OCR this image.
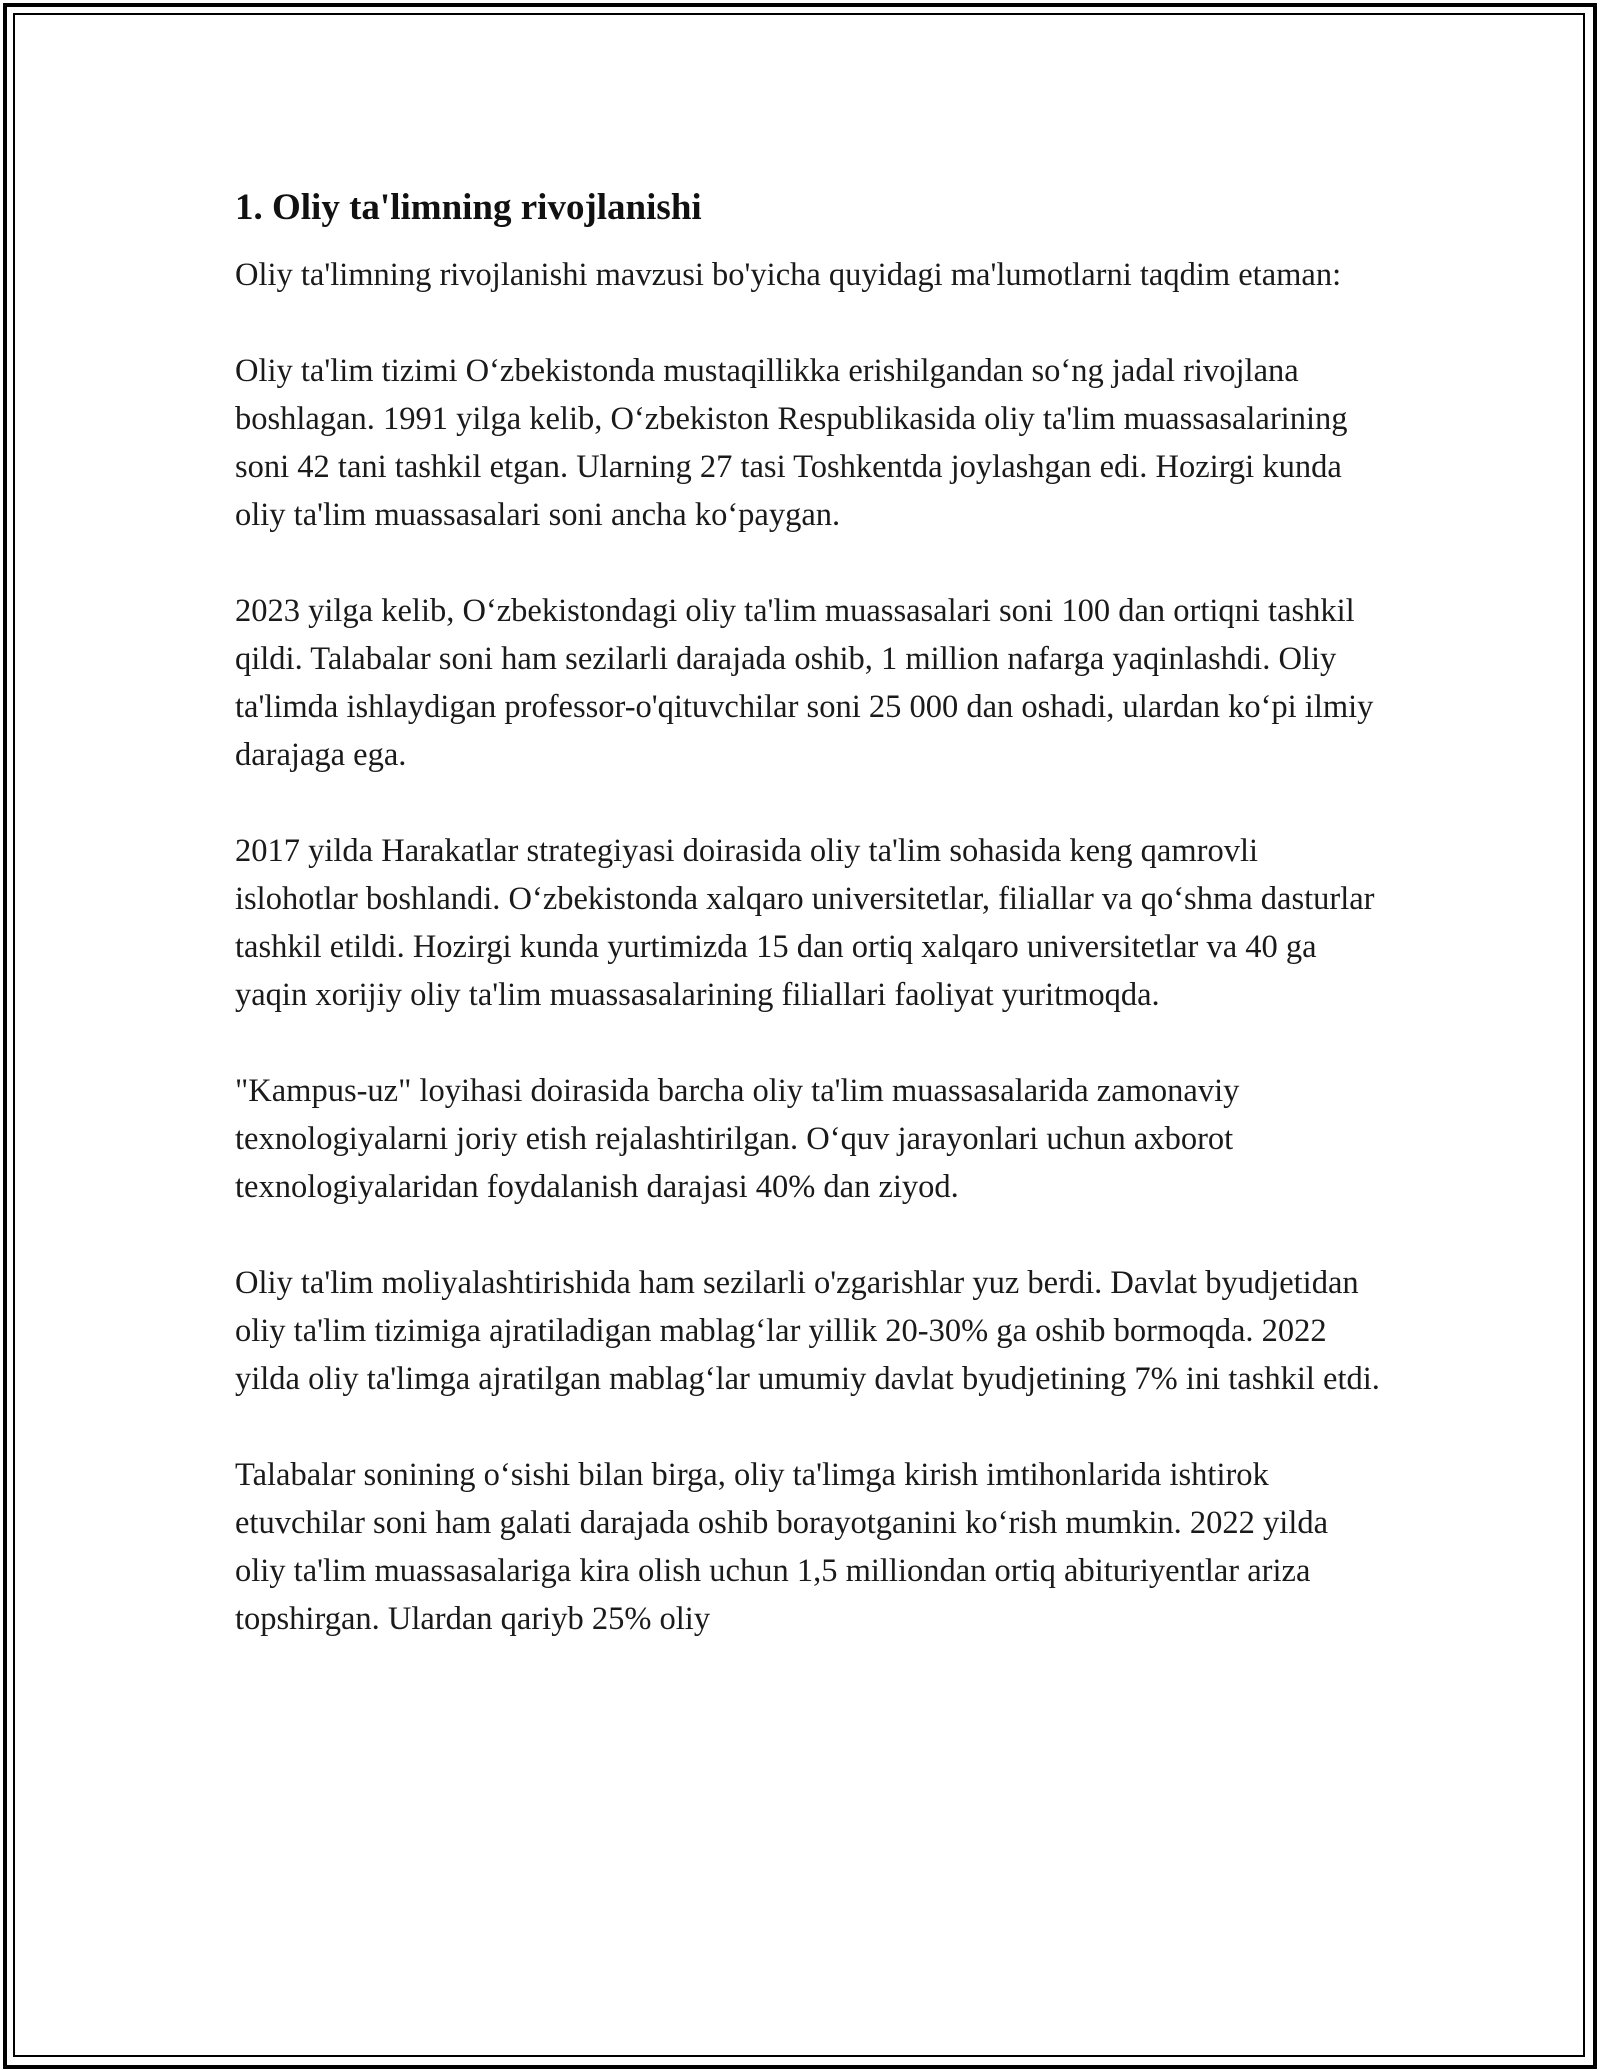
1. Oliy ta'limning rivojlanishi

Oliy ta'limning rivojlanishi mavzusi bo'yicha quyidagi ma'lumotlarni taqdim etaman:

Oliy ta'lim tizimi O‘zbekistonda mustaqillikka erishilgandan so‘ng jadal rivojlana boshlagan. 1991 yilga kelib, O‘zbekiston Respublikasida oliy ta'lim muassasalarining soni 42 tani tashkil etgan. Ularning 27 tasi Toshkentda joylashgan edi. Hozirgi kunda oliy ta'lim muassasalari soni ancha ko‘paygan.

2023 yilga kelib, O‘zbekistondagi oliy ta'lim muassasalari soni 100 dan ortiqni tashkil qildi. Talabalar soni ham sezilarli darajada oshib, 1 million nafarga yaqinlashdi. Oliy ta'limda ishlaydigan professor-o'qituvchilar soni 25 000 dan oshadi, ulardan ko‘pi ilmiy darajaga ega.

2017 yilda Harakatlar strategiyasi doirasida oliy ta'lim sohasida keng qamrovli islohotlar boshlandi. O‘zbekistonda xalqaro universitetlar, filiallar va qo‘shma dasturlar tashkil etildi. Hozirgi kunda yurtimizda 15 dan ortiq xalqaro universitetlar va 40 ga yaqin xorijiy oliy ta'lim muassasalarining filiallari faoliyat yuritmoqda.

"Kampus-uz" loyihasi doirasida barcha oliy ta'lim muassasalarida zamonaviy texnologiyalarni joriy etish rejalashtirilgan. O‘quv jarayonlari uchun axborot texnologiyalaridan foydalanish darajasi 40% dan ziyod.

Oliy ta'lim moliyalashtirishida ham sezilarli o'zgarishlar yuz berdi. Davlat byudjetidan oliy ta'lim tizimiga ajratiladigan mablag‘lar yillik 20-30% ga oshib bormoqda. 2022 yilda oliy ta'limga ajratilgan mablag‘lar umumiy davlat byudjetining 7% ini tashkil etdi.

Talabalar sonining o‘sishi bilan birga, oliy ta'limga kirish imtihonlarida ishtirok etuvchilar soni ham galati darajada oshib borayotganini ko‘rish mumkin. 2022 yilda oliy ta'lim muassasalariga kira olish uchun 1,5 milliondan ortiq abituriyentlar ariza topshirgan. Ulardan qariyb 25% oliy
